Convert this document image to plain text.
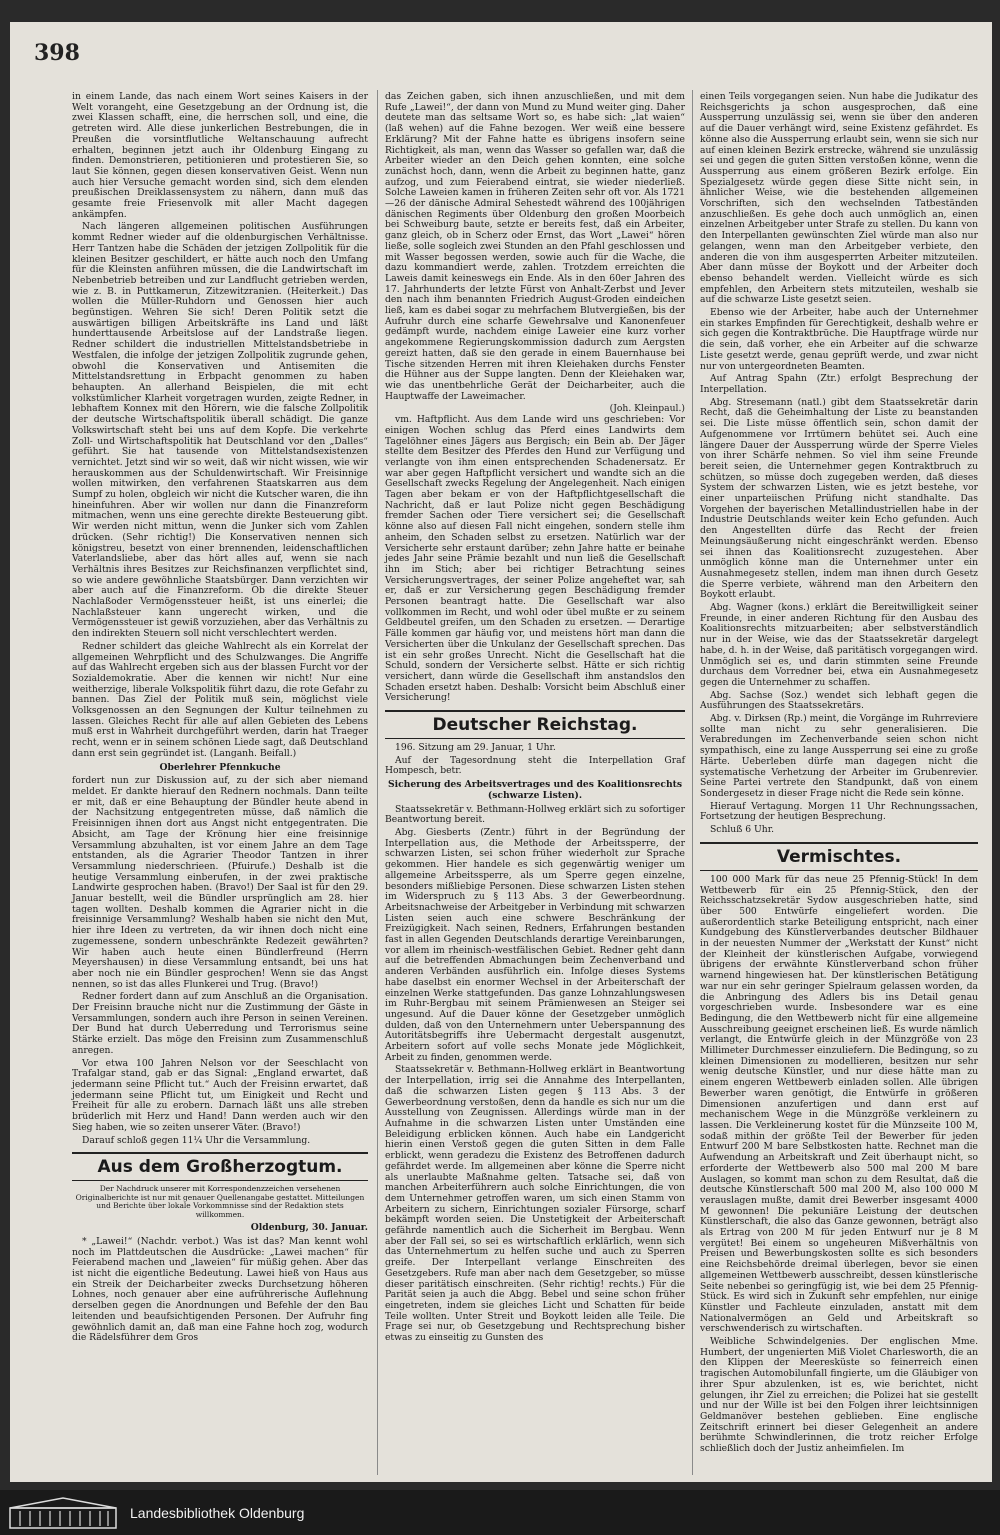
398

in einem Lande, das nach einem Wort seines Kaisers in der Welt vorangeht, eine Gesetzgebung an der Ordnung ist, die zwei Klassen schafft, eine, die herrschen soll, und eine, die getreten wird. Alle diese junkerlichen Bestrebungen, die in Preußen die vorsintflutliche Weltanschauung aufrecht erhalten, beginnen jetzt auch ihr Oldenburg Eingang zu finden. Demonstrieren, petitionieren und protestieren Sie, so laut Sie können, gegen diesen konservativen Geist. Wenn nun auch hier Versuche gemacht worden sind, sich dem elenden preußischen Dreiklassensystem zu nähern, dann muß das gesamte freie Friesenvolk mit aller Macht dagegen ankämpfen.

Nach längeren allgemeinen politischen Ausführungen kommt Redner wieder auf die oldenburgischen Verhältnisse. Herr Tantzen habe die Schäden der jetzigen Zollpolitik für die kleinen Besitzer geschildert, er hätte auch noch den Umfang für die Kleinsten anführen müssen, die die Landwirtschaft im Nebenbetrieb betreiben und zur Landflucht getrieben werden, wie z. B. in Puttkamerun, Zitzewitzranien. (Heiterkeit.) Das wollen die Müller-Ruhdorn und Genossen hier auch begünstigen. Wehren Sie sich! Deren Politik setzt die auswärtigen billigen Arbeitskräfte ins Land und läßt hunderttausende Arbeitslose auf der Landstraße liegen. Redner schildert die industriellen Mittelstandsbetriebe in Westfalen, die infolge der jetzigen Zollpolitik zugrunde gehen, obwohl die Konservativen und Antisemiten die Mittelstandsrettung in Erbpacht genommen zu haben behaupten. An allerhand Beispielen, die mit echt volkstümlicher Klarheit vorgetragen wurden, zeigte Redner, in lebhaftem Konnex mit den Hörern, wie die falsche Zollpolitik der deutsche Wirtschaftspolitik überall schädigt. Die ganze Volkswirtschaft steht bei uns auf dem Kopfe. Die verkehrte Zoll- und Wirtschaftspolitik hat Deutschland vor den „Dalles“ geführt. Sie hat tausende von Mittelstandsexistenzen vernichtet. Jetzt sind wir so weit, daß wir nicht wissen, wie wir herauskommen aus der Schuldenwirtschaft. Wir Freisinnige wollen mitwirken, den verfahrenen Staatskarren aus dem Sumpf zu holen, obgleich wir nicht die Kutscher waren, die ihn hineinfuhren. Aber wir wollen nur dann die Finanzreform mitmachen, wenn uns eine gerechte direkte Besteuerung gibt. Wir werden nicht mittun, wenn die Junker sich vom Zahlen drücken. (Sehr richtig!) Die Konservativen nennen sich königstreu, besetzt von einer brennenden, leidenschaftlichen Vaterlandsliebe, aber das hört alles auf, wenn sie nach Verhältnis ihres Besitzes zur Reichsfinanzen verpflichtet sind, so wie andere gewöhnliche Staatsbürger. Dann verzichten wir aber auch auf die Finanzreform. Ob die direkte Steuer Nachlaßoder Vermögenssteuer heißt, ist uns einerlei; die Nachlaßsteuer kann ungerecht wirken, und die Vermögenssteuer ist gewiß vorzuziehen, aber das Verhältnis zu den indirekten Steuern soll nicht verschlechtert werden.

Redner schildert das gleiche Wahlrecht als ein Korrelat der allgemeinen Wehrpflicht und des Schulzwanges. Die Angriffe auf das Wahlrecht ergeben sich aus der blassen Furcht vor der Sozialdemokratie. Aber die kennen wir nicht! Nur eine weitherzige, liberale Volkspolitik führt dazu, die rote Gefahr zu bannen. Das Ziel der Politik muß sein, möglichst viele Volksgenossen an den Segnungen der Kultur teilnehmen zu lassen. Gleiches Recht für alle auf allen Gebieten des Lebens muß erst in Wahrheit durchgeführt werden, darin hat Traeger recht, wenn er in seinem schönen Liede sagt, daß Deutschland dann erst sein gegründet ist. (Langanh. Beifall.)

Oberlehrer Pfennkuche

fordert nun zur Diskussion auf, zu der sich aber niemand meldet. Er dankte hierauf den Rednern nochmals. Dann teilte er mit, daß er eine Behauptung der Bündler heute abend in der Nachsitzung entgegentreten müsse, daß nämlich die Freisinnigen ihnen dort aus Angst nicht entgegentraten. Die Absicht, am Tage der Krönung hier eine freisinnige Versammlung abzuhalten, ist vor einem Jahre an dem Tage entstanden, als die Agrarier Theodor Tantzen in ihrer Versammlung niederschrieen. (Pfuirufe.) Deshalb ist die heutige Versammlung einberufen, in der zwei praktische Landwirte gesprochen haben. (Bravo!) Der Saal ist für den 29. Januar bestellt, weil die Bündler ursprünglich am 28. hier tagen wollten. Deshalb kommen die Agrarier nicht in die freisinnige Versammlung? Weshalb haben sie nicht den Mut, hier ihre Ideen zu vertreten, da wir ihnen doch nicht eine zugemessene, sondern unbeschränkte Redezeit gewährten? Wir haben auch heute einen Bündlerfreund (Herrn Meyershausen) in diese Versammlung entsandt, bei uns hat aber noch nie ein Bündler gesprochen! Wenn sie das Angst nennen, so ist das alles Flunkerei und Trug. (Bravo!)

Redner fordert dann auf zum Anschluß an die Organisation. Der Freisinn brauche nicht nur die Zustimmung der Gäste in Versammlungen, sondern auch ihre Person in seinen Vereinen. Der Bund hat durch Ueberredung und Terrorismus seine Stärke erzielt. Das möge den Freisinn zum Zusammenschluß anregen.

Vor etwa 100 Jahren Nelson vor der Seeschlacht von Trafalgar stand, gab er das Signal: „England erwartet, daß jedermann seine Pflicht tut.“ Auch der Freisinn erwartet, daß jedermann seine Pflicht tut, um Einigkeit und Recht und Freiheit für alle zu erobern. Darnach läßt uns alle streben brüderlich mit Herz und Hand! Dann werden auch wir den Sieg haben, wie so zeiten unserer Väter. (Bravo!)

Darauf schloß gegen 11¼ Uhr die Versammlung.

Aus dem Großherzogtum.
Der Nachdruck unserer mit Korrespondenzzeichen versehenen Originalberichte ist nur mit genauer Quellenangabe gestattet. Mitteilungen und Berichte über lokale Vorkommnisse sind der Redaktion stets willkommen.
Oldenburg, 30. Januar.

* „Lawei!“ (Nachdr. verbot.) Was ist das? Man kennt wohl noch im Plattdeutschen die Ausdrücke: „Lawei machen“ für Feierabend machen und „laweien“ für müßig gehen. Aber das ist nicht die eigentliche Bedeutung. Lawei hieß von Haus aus ein Streik der Deicharbeiter zwecks Durchsetzung höheren Lohnes, noch genauer aber eine aufrührerische Auflehnung derselben gegen die Anordnungen und Befehle der den Bau leitenden und beaufsichtigenden Personen. Der Aufruhr fing gewöhnlich damit an, daß man eine Fahne hoch zog, wodurch die Rädelsführer dem Gros

das Zeichen gaben, sich ihnen anzuschließen, und mit dem Rufe „Lawei!“, der dann von Mund zu Mund weiter ging. Daher deutete man das seltsame Wort so, es habe sich: „lat waien“ (laß wehen) auf die Fahne bezogen. Wer weiß eine bessere Erklärung? Mit der Fahne hatte es übrigens insofern seine Richtigkeit, als man, wenn das Wasser so gefallen war, daß die Arbeiter wieder an den Deich gehen konnten, eine solche zunächst hoch, dann, wenn die Arbeit zu beginnen hatte, ganz aufzog, und zum Feierabend eintrat, sie wieder niederließ. Solche Laweien kamen in früheren Zeiten sehr oft vor. Als 1721—26 der dänische Admiral Sehestedt während des 100jährigen dänischen Regiments über Oldenburg den großen Moorbeich bei Schweiburg baute, setzte er bereits fest, daß ein Arbeiter, ganz gleich, ob in Scherz oder Ernst, das Wort „Lawei“ hören ließe, solle sogleich zwei Stunden an den Pfahl geschlossen und mit Wasser begossen werden, sowie auch für die Wache, die dazu kommandiert werde, zahlen. Trotzdem erreichten die Laweis damit keineswegs ein Ende. Als in den 60er Jahren des 17. Jahrhunderts der letzte Fürst von Anhalt-Zerbst und Jever den nach ihm benannten Friedrich August-Groden eindeichen ließ, kam es dabei sogar zu mehrfachem Blutvergießen, bis der Aufruhr durch eine scharfe Gewehrsalve und Kanonenfeuer gedämpft wurde, nachdem einige Laweier eine kurz vorher angekommene Regierungskommission dadurch zum Aergsten gereizt hatten, daß sie den gerade in einem Bauernhause bei Tische sitzenden Herren mit ihren Kleiehaken durchs Fenster die Hühner aus der Suppe langten. Denn der Kleiehaken war, wie das unentbehrliche Gerät der Deicharbeiter, auch die Hauptwaffe der Laweimacher.

(Joh. Kleinpaul.)

vm. Haftpflicht. Aus dem Lande wird uns geschrieben: Vor einigen Wochen schlug das Pferd eines Landwirts dem Tagelöhner eines Jägers aus Bergisch; ein Bein ab. Der Jäger stellte dem Besitzer des Pferdes den Hund zur Verfügung und verlangte von ihm einen entsprechenden Schadenersatz. Er war aber gegen Haftpflicht versichert und wandte sich an die Gesellschaft zwecks Regelung der Angelegenheit. Nach einigen Tagen aber bekam er von der Haftpflichtgesellschaft die Nachricht, daß er laut Polize nicht gegen Beschädigung fremder Sachen oder Tiere versichert sei; die Gesellschaft könne also auf diesen Fall nicht eingehen, sondern stelle ihm anheim, den Schaden selbst zu ersetzen. Natürlich war der Versicherte sehr erstaunt darüber; zehn Jahre hatte er beinahe jedes Jahr seine Prämie bezahlt und nun ließ die Gesellschaft ihn im Stich; aber bei richtiger Betrachtung seines Versicherungsvertrages, der seiner Polize angeheftet war, sah er, daß er zur Versicherung gegen Beschädigung fremder Personen beantragt hatte. Die Gesellschaft war also vollkommen im Recht, und wohl oder übel mußte er zu seinem Geldbeutel greifen, um den Schaden zu ersetzen. — Derartige Fälle kommen gar häufig vor, und meistens hört man dann die Versicherten über die Unkulanz der Gesellschaft sprechen. Das ist ein sehr großes Unrecht. Nicht die Gesellschaft hat die Schuld, sondern der Versicherte selbst. Hätte er sich richtig versichert, dann würde die Gesellschaft ihm anstandslos den Schaden ersetzt haben. Deshalb: Vorsicht beim Abschluß einer Versicherung!

Deutscher Reichstag.

196. Sitzung am 29. Januar, 1 Uhr.

Auf der Tagesordnung steht die Interpellation Graf Hompesch, betr.

Sicherung des Arbeitsvertrages und des Koalitionsrechts (schwarze Listen).

Staatssekretär v. Bethmann-Hollweg erklärt sich zu sofortiger Beantwortung bereit.

Abg. Giesberts (Zentr.) führt in der Begründung der Interpellation aus, die Methode der Arbeitssperre, der schwarzen Listen, sei schon früher wiederholt zur Sprache gekommen. Hier handele es sich gegenwärtig weniger um allgemeine Arbeitssperre, als um Sperre gegen einzelne, besonders mißliebige Personen. Diese schwarzen Listen stehen im Widerspruch zu § 113 Abs. 3 der Gewerbeordnung. Arbeitsnachweise der Arbeitgeber in Verbindung mit schwarzen Listen seien auch eine schwere Beschränkung der Freizügigkeit. Nach seinen, Redners, Erfahrungen bestanden fast in allen Gegenden Deutschlands derartige Vereinbarungen, vor allem im rheinisch-westfälischen Gebiet. Redner geht dann auf die betreffenden Abmachungen beim Zechenverband und anderen Verbänden ausführlich ein. Infolge dieses Systems habe daselbst ein enormer Wechsel in der Arbeiterschaft der einzelnen Werke stattgefunden. Das ganze Lohnzahlungswesen im Ruhr-Bergbau mit seinem Prämienwesen an Steiger sei ungesund. Auf die Dauer könne der Gesetzgeber unmöglich dulden, daß von den Unternehmern unter Ueberspannung des Autoritätsbegriffs ihre Uebermacht dergestalt ausgenutzt, Arbeitern sofort auf volle sechs Monate jede Möglichkeit, Arbeit zu finden, genommen werde.

Staatssekretär v. Bethmann-Hollweg erklärt in Beantwortung der Interpellation, irrig sei die Annahme des Interpellanten, daß die schwarzen Listen gegen § 113 Abs. 3 der Gewerbeordnung verstoßen, denn da handle es sich nur um die Ausstellung von Zeugnissen. Allerdings würde man in der Aufnahme in die schwarzen Listen unter Umständen eine Beleidigung erblicken können. Auch habe ein Landgericht hierin einen Verstoß gegen die guten Sitten in dem Falle erblickt, wenn geradezu die Existenz des Betroffenen dadurch gefährdet werde. Im allgemeinen aber könne die Sperre nicht als unerlaubte Maßnahme gelten. Tatsache sei, daß von manchen Arbeiterführern auch solche Einrichtungen, die von dem Unternehmer getroffen waren, um sich einen Stamm von Arbeitern zu sichern, Einrichtungen sozialer Fürsorge, scharf bekämpft worden seien. Die Unstetigkeit der Arbeiterschaft gefährde namentlich auch die Sicherheit im Bergbau. Wenn aber der Fall sei, so sei es wirtschaftlich erklärlich, wenn sich das Unternehmertum zu helfen suche und auch zu Sperren greife. Der Interpellant verlange Einschreiten des Gesetzgebers. Rufe man aber nach dem Gesetzgeber, so müsse dieser paritätisch einschreiten. (Sehr richtig! rechts.) Für die Parität seien ja auch die Abgg. Bebel und seine schon früher eingetreten, indem sie gleiches Licht und Schatten für beide Teile wollten. Unter Streit und Boykott leiden alle Teile. Die Frage sei nur, ob Gesetzgebung und Rechtsprechung bisher etwas zu einseitig zu Gunsten des

einen Teils vorgegangen seien. Nun habe die Judikatur des Reichsgerichts ja schon ausgesprochen, daß eine Aussperrung unzulässig sei, wenn sie über den anderen auf die Dauer verhängt wird, seine Existenz gefährdet. Es könne also die Aussperrung erlaubt sein, wenn sie sich nur auf einen kleinen Bezirk erstrecke, während sie unzulässig sei und gegen die guten Sitten verstoßen könne, wenn die Aussperrung aus einem größeren Bezirk erfolge. Ein Spezialgesetz würde gegen diese Sitte nicht sein, in ähnlicher Weise, wie die bestehenden allgemeinen Vorschriften, sich den wechselnden Tatbeständen anzuschließen. Es gehe doch auch unmöglich an, einen einzelnen Arbeitgeber unter Strafe zu stellen. Du kann von den Interpellanten gewünschten Ziel würde man also nur gelangen, wenn man den Arbeitgeber verbiete, den anderen die von ihm ausgesperrten Arbeiter mitzuteilen. Aber dann müsse der Boykott und der Arbeiter doch ebenso behandelt werden. Vielleicht würde es sich empfehlen, den Arbeitern stets mitzuteilen, weshalb sie auf die schwarze Liste gesetzt seien.

Ebenso wie der Arbeiter, habe auch der Unternehmer ein starkes Empfinden für Gerechtigkeit, deshalb wehre er sich gegen die Kontraktbrüche. Die Hauptfrage würde nur die sein, daß vorher, ehe ein Arbeiter auf die schwarze Liste gesetzt werde, genau geprüft werde, und zwar nicht nur von untergeordneten Beamten.

Auf Antrag Spahn (Ztr.) erfolgt Besprechung der Interpellation.

Abg. Stresemann (natl.) gibt dem Staatssekretär darin Recht, daß die Geheimhaltung der Liste zu beanstanden sei. Die Liste müsse öffentlich sein, schon damit der Aufgenommene vor Irrtümern behütet sei. Auch eine längere Dauer der Aussperrung würde der Sperre Vieles von ihrer Schärfe nehmen. So viel ihm seine Freunde bereit seien, die Unternehmer gegen Kontraktbruch zu schützen, so müsse doch zugegeben werden, daß dieses System der schwarzen Listen, wie es jetzt bestehe, vor einer unparteiischen Prüfung nicht standhalte. Das Vorgehen der bayerischen Metallindustriellen habe in der Industrie Deutschlands weiter kein Echo gefunden. Auch den Angestellten dürfe das Recht der freien Meinungsäußerung nicht eingeschränkt werden. Ebenso sei ihnen das Koalitionsrecht zuzugestehen. Aber unmöglich könne man die Unternehmer unter ein Ausnahmegesetz stellen, indem man ihnen durch Gesetz die Sperre verbiete, während man den Arbeitern den Boykott erlaubt.

Abg. Wagner (kons.) erklärt die Bereitwilligkeit seiner Freunde, in einer anderen Richtung für den Ausbau des Koalitionsrechts mitzuarbeiten; aber selbstverständlich nur in der Weise, wie das der Staatssekretär dargelegt habe, d. h. in der Weise, daß paritätisch vorgegangen wird. Unmöglich sei es, und darin stimmten seine Freunde durchaus dem Vorredner bei, etwa ein Ausnahmegesetz gegen die Unternehmer zu schaffen.

Abg. Sachse (Soz.) wendet sich lebhaft gegen die Ausführungen des Staatssekretärs.

Abg. v. Dirksen (Rp.) meint, die Vorgänge im Ruhrreviere sollte man nicht zu sehr generalisieren. Die Verabredungen im Zechenverbande seien schon nicht sympathisch, eine zu lange Aussperrung sei eine zu große Härte. Ueberleben dürfe man dagegen nicht die systematische Verhetzung der Arbeiter im Grubenrevier. Seine Partei vertrete den Standpunkt, daß von einem Sondergesetz in dieser Frage nicht die Rede sein könne.

Hierauf Vertagung. Morgen 11 Uhr Rechnungssachen, Fortsetzung der heutigen Besprechung.

Schluß 6 Uhr.

Vermischtes.

100 000 Mark für das neue 25 Pfennig-Stück! In dem Wettbewerb für ein 25 Pfennig-Stück, den der Reichsschatzsekretär Sydow ausgeschrieben hatte, sind über 500 Entwürfe eingeliefert worden. Die außerordentlich starke Beteiligung entspricht, nach einer Kundgebung des Künstlerverbandes deutscher Bildhauer in der neuesten Nummer der „Werkstatt der Kunst“ nicht der Kleinheit der künstlerischen Aufgabe, vorwiegend übrigens der erwähnte Künstlerverband schon früher warnend hingewiesen hat. Der künstlerischen Betätigung war nur ein sehr geringer Spielraum gelassen worden, da die Anbringung des Adlers bis ins Detail genau vorgeschrieben wurde. Insbesondere war es eine Bedingung, die den Wettbewerb nicht für eine allgemeine Ausschreibung geeignet erscheinen ließ. Es wurde nämlich verlangt, die Entwürfe gleich in der Münzgröße von 23 Millimeter Durchmesser einzuliefern. Die Bedingung, so zu kleinen Dimensionen zu modellieren, besitzen nur sehr wenig deutsche Künstler, und nur diese hätte man zu einem engeren Wettbewerb einladen sollen. Alle übrigen Bewerber waren genötigt, die Entwürfe in größeren Dimensionen anzufertigen und dann erst auf mechanischem Wege in die Münzgröße verkleinern zu lassen. Die Verkleinerung kostet für die Münzseite 100 M, sodaß mithin der größte Teil der Bewerber für jeden Entwurf 200 M bare Selbstkosten hatte. Rechnet man die Aufwendung an Arbeitskraft und Zeit überhaupt nicht, so erforderte der Wettbewerb also 500 mal 200 M bare Auslagen, so kommt man schon zu dem Resultat, daß die deutsche Künstlerschaft 500 mal 200 M, also 100 000 M verauslagen mußte, damit drei Bewerber insgesamt 4000 M gewonnen! Die pekuniäre Leistung der deutschen Künstlerschaft, die also das Ganze gewonnen, beträgt also als Ertrag von 200 M für jeden Entwurf nur je 8 M vergütet! Bei einem so ungeheuren Mißverhältnis von Preisen und Bewerbungskosten sollte es sich besonders eine Reichsbehörde dreimal überlegen, bevor sie einen allgemeinen Wettbewerb ausschreibt, dessen künstlerische Seite nebenbei so geringfügig ist, wie bei dem 25 Pfennig-Stück. Es wird sich in Zukunft sehr empfehlen, nur einige Künstler und Fachleute einzuladen, anstatt mit dem Nationalvermögen an Geld und Arbeitskraft so verschwenderisch zu wirtschaften.

Weibliche Schwindelgenies. Der englischen Mme. Humbert, der ungenierten Miß Violet Charlesworth, die an den Klippen der Meeresküste so feinerreich einen tragischen Automobilunfall fingierte, um die Gläubiger von ihrer Spur abzulenken, ist es, wie berichtet, nicht gelungen, ihr Ziel zu erreichen; die Polizei hat sie gestellt und nur der Wille ist bei den Folgen ihrer leichtsinnigen Geldmanöver bestehen geblieben. Eine englische Zeitschrift erinnert bei dieser Gelegenheit an andere berühmte Schwindlerinnen, die trotz reicher Erfolge schließlich doch der Justiz anheimfielen. Im

Landesbibliothek Oldenburg
